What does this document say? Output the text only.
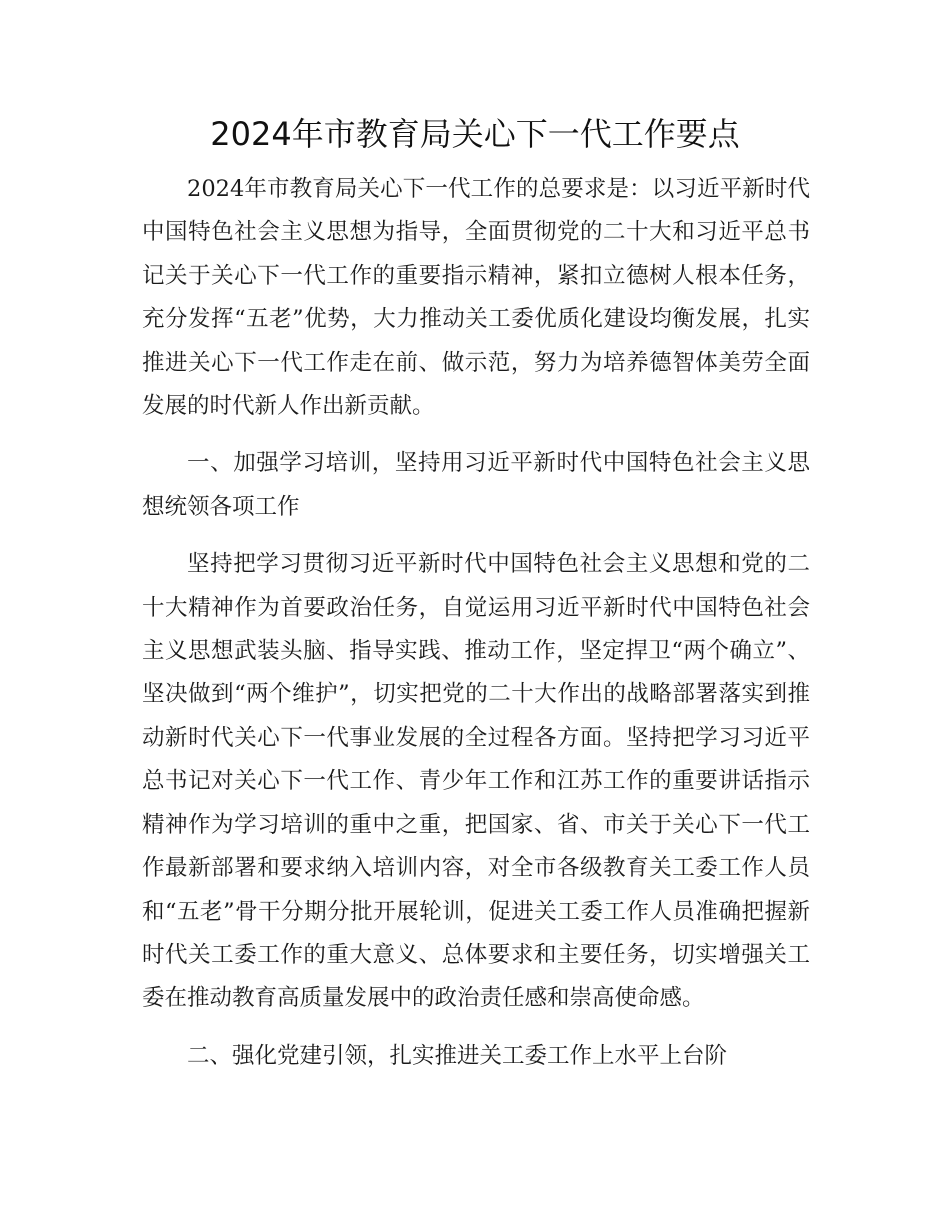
2024年市教育局关心下一代工作要点

2024年市教育局关心下一代工作的总要求是：以习近平新时代中国特色社会主义思想为指导，全面贯彻党的二十大和习近平总书记关于关心下一代工作的重要指示精神，紧扣立德树人根本任务，充分发挥“五老”优势，大力推动关工委优质化建设均衡发展，扎实推进关心下一代工作走在前、做示范，努力为培养德智体美劳全面发展的时代新人作出新贡献。

一、加强学习培训，坚持用习近平新时代中国特色社会主义思想统领各项工作

坚持把学习贯彻习近平新时代中国特色社会主义思想和党的二十大精神作为首要政治任务，自觉运用习近平新时代中国特色社会主义思想武装头脑、指导实践、推动工作，坚定捍卫“两个确立”、坚决做到“两个维护”，切实把党的二十大作出的战略部署落实到推动新时代关心下一代事业发展的全过程各方面。坚持把学习习近平总书记对关心下一代工作、青少年工作和江苏工作的重要讲话指示精神作为学习培训的重中之重，把国家、省、市关于关心下一代工作最新部署和要求纳入培训内容，对全市各级教育关工委工作人员和“五老”骨干分期分批开展轮训，促进关工委工作人员准确把握新时代关工委工作的重大意义、总体要求和主要任务，切实增强关工委在推动教育高质量发展中的政治责任感和崇高使命感。

二、强化党建引领，扎实推进关工委工作上水平上台阶
